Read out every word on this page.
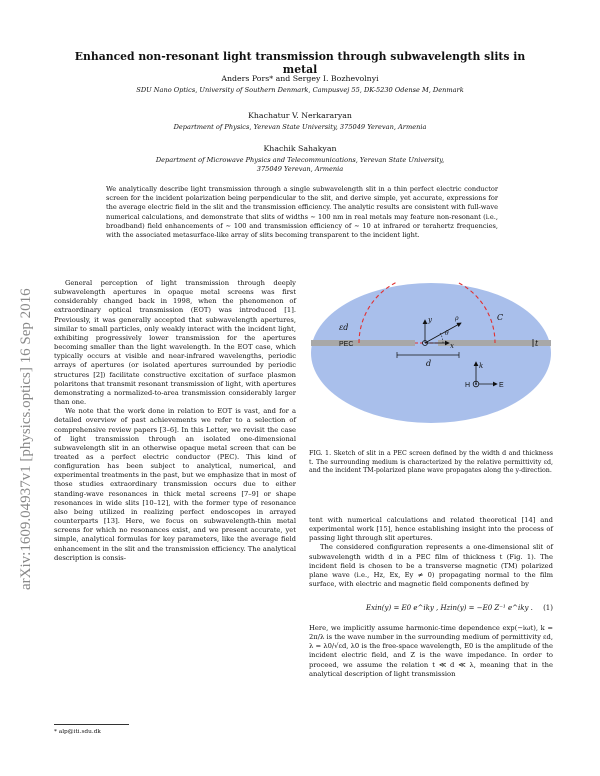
arXiv:1609.04937v1 [physics.optics] 16 Sep 2016
Enhanced non-resonant light transmission through subwavelength slits in metal
Anders Pors* and Sergey I. Bozhevolnyi
SDU Nano Optics, University of Southern Denmark, Campusvej 55, DK-5230 Odense M, Denmark
Khachatur V. Nerkararyan
Department of Physics, Yerevan State University, 375049 Yerevan, Armenia
Khachik Sahakyan
Department of Microwave Physics and Telecommunications, Yerevan State University, 375049 Yerevan, Armenia
We analytically describe light transmission through a single subwavelength slit in a thin perfect electric conductor screen for the incident polarization being perpendicular to the slit, and derive simple, yet accurate, expressions for the average electric field in the slit and the transmission efficiency. The analytic results are consistent with full-wave numerical calculations, and demonstrate that slits of widths ∼ 100 nm in real metals may feature non-resonant (i.e., broadband) field enhancements of ∼ 100 and transmission efficiency of ∼ 10 at infrared or terahertz frequencies, with the associated metasurface-like array of slits becoming transparent to the incident light.

General perception of light transmission through deeply subwavelength apertures in opaque metal screens was first considerably changed back in 1998, when the phenomenon of extraordinary optical transmission (EOT) was introduced [1]. Previously, it was generally accepted that subwavelength apertures, similar to small particles, only weakly interact with the incident light, exhibiting progressively lower transmission for the apertures becoming smaller than the light wavelength. In the EOT case, which typically occurs at visible and near-infrared wavelengths, periodic arrays of apertures (or isolated apertures surrounded by periodic structures [2]) facilitate constructive excitation of surface plasmon polaritons that transmit resonant transmission of light, with apertures demonstrating a normalized-to-area transmission considerably larger than one.

We note that the work done in relation to EOT is vast, and for a detailed overview of past achievements we refer to a selection of comprehensive review papers [3–6]. In this Letter, we revisit the case of light transmission through an isolated one-dimensional subwavelength slit in an otherwise opaque metal screen that can be treated as a perfect electric conductor (PEC). This kind of configuration has been subject to analytical, numerical, and experimental treatments in the past, but we emphasize that in most of those studies extraordinary transmission occurs due to either standing-wave resonances in thick metal screens [7–9] or shape resonances in wide slits [10–12], with the former type of resonance also being utilized in realizing perfect endoscopes in arrayed counterparts [13]. Here, we focus on subwavelength-thin metal screens for which no resonances exist, and we present accurate, yet simple, analytical formulas for key parameters, like the average field enhancement in the slit and the transmission efficiency. The analytical description is consis-

εd
PEC
C
y
x
θ
ρ
t
d	k
H	E
FIG. 1. Sketch of slit in a PEC screen defined by the width d and thickness t. The surrounding medium is characterized by the relative permittivity εd, and the incident TM-polarized plane wave propagates along the y-direction.

tent with numerical calculations and related theoretical [14] and experimental work [15], hence establishing insight into the process of passing light through slit apertures.

The considered configuration represents a one-dimensional slit of subwavelength width d in a PEC film of thickness t (Fig. 1). The incident field is chosen to be a transverse magnetic (TM) polarized plane wave (i.e., Hz, Ex, Ey ≠ 0) propagating normal to the film surface, with electric and magnetic field components defined by

Exin(y) = E0 e^iky , Hzin(y) = −E0 Z⁻¹ e^iky . (1)

Here, we implicitly assume harmonic-time dependence exp(−iωt), k = 2π/λ is the wave number in the surrounding medium of permittivity εd, λ = λ0/√εd, λ0 is the free-space wavelength, E0 is the amplitude of the incident electric field, and Z is the wave impedance. In order to proceed, we assume the relation t ≪ d ≪ λ, meaning that in the analytical description of light transmission

* alp@iti.sdu.dk
